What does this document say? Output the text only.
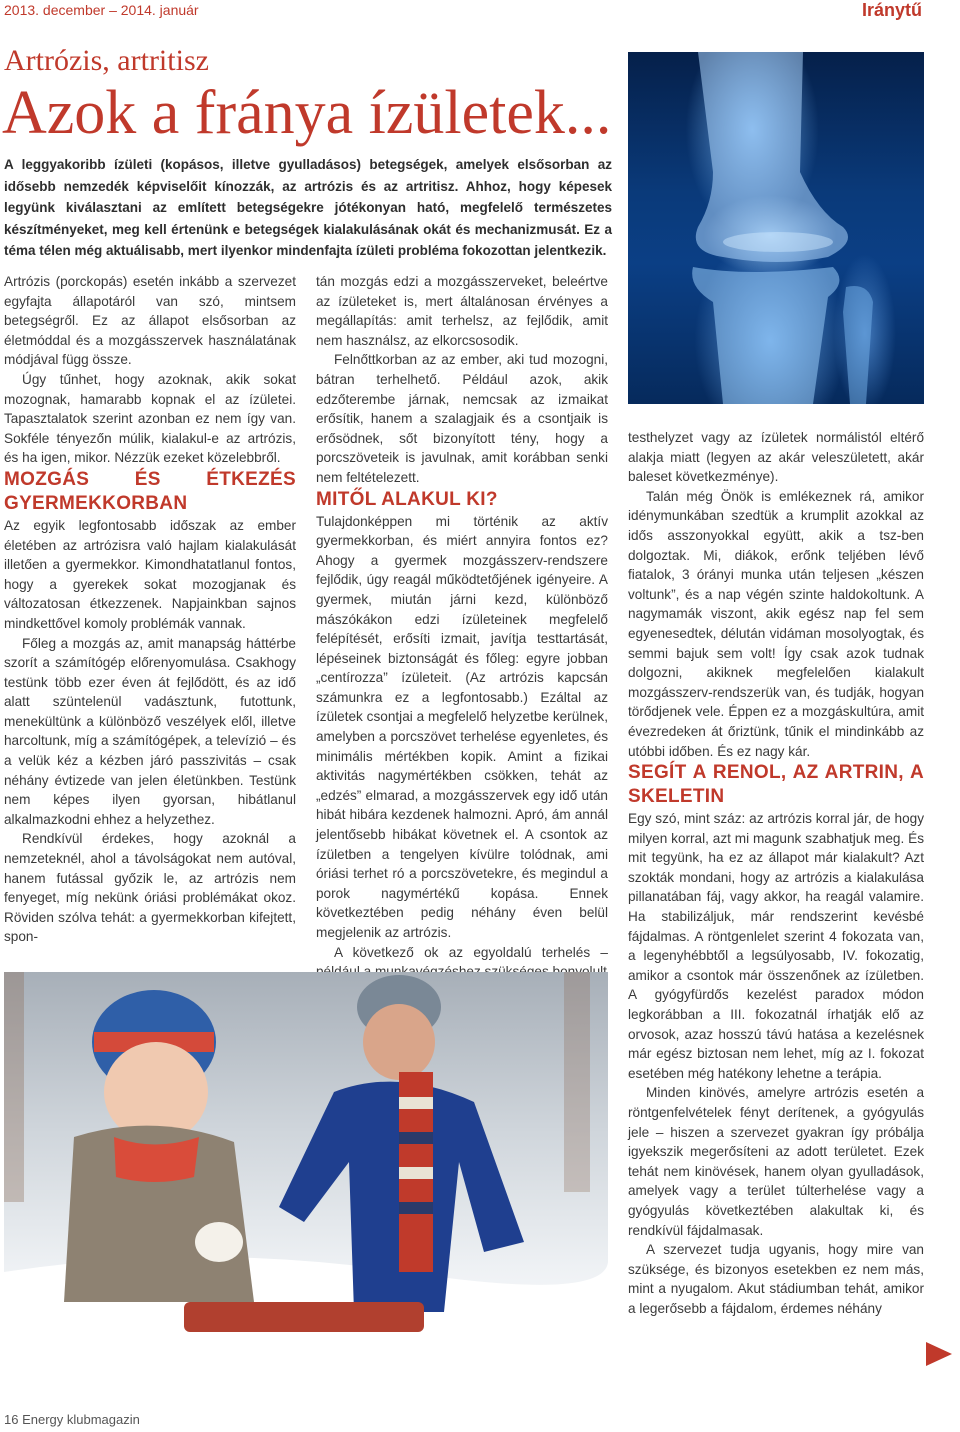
2013. december – 2014. január	Iránytű
Artrózis, artritisz
Azok a fránya ízületek...
A leggyakoribb ízületi (kopásos, illetve gyulladásos) betegségek, amelyek elsősorban az idősebb nemzedék képviselőit kínozzák, az artrózis és az artritisz. Ahhoz, hogy képesek legyünk kiválasztani az említett betegségekre jótékonyan ható, megfelelő természetes készítményeket, meg kell értenünk e betegségek kialakulásának okát és mechanizmusát. Ez a téma télen még aktuálisabb, mert ilyenkor mindenfajta ízületi probléma fokozottan jelentkezik.

Artrózis (porckopás) esetén inkább a szervezet egyfajta állapotáról van szó, mintsem betegségről. Ez az állapot elsősorban az életmóddal és a mozgásszervek használatának módjával függ össze.

Úgy tűnhet, hogy azoknak, akik sokat mozognak, hamarabb kopnak el az ízületei. Tapasztalatok szerint azonban ez nem így van. Sokféle tényezőn múlik, kialakul-e az artrózis, és ha igen, mikor. Nézzük ezeket közelebbről.

MOZGÁS ÉS ÉTKEZÉS GYERMEKKORBAN

Az egyik legfontosabb időszak az ember életében az artrózisra való hajlam kialakulását illetően a gyermekkor. Kimondhatatlanul fontos, hogy a gyerekek sokat mozogjanak és változatosan étkezzenek. Napjainkban sajnos mindkettővel komoly problémák vannak.

Főleg a mozgás az, amit manapság háttérbe szorít a számítógép előrenyomulása. Csakhogy testünk több ezer éven át fejlődött, és az idő alatt szüntelenül vadásztunk, futottunk, menekültünk a különböző veszélyek elől, illetve harcoltunk, míg a számítógépek, a televízió – és a velük kéz a kézben járó passzivitás – csak néhány évtizede van jelen életünkben. Testünk nem képes ilyen gyorsan, hibátlanul alkalmazkodni ehhez a helyzethez.

Rendkívül érdekes, hogy azoknál a nemzeteknél, ahol a távolságokat nem autóval, hanem futással győzik le, az artrózis nem fenyeget, míg nekünk óriási problémákat okoz. Röviden szólva tehát: a gyermekkorban kifejtett, spon-

tán mozgás edzi a mozgásszerveket, beleértve az ízületeket is, mert általánosan érvényes a megállapítás: amit terhelsz, az fejlődik, amit nem használsz, az elkorcsosodik.

Felnőttkorban az az ember, aki tud mozogni, bátran terhelhető. Például azok, akik edzőterembe járnak, nemcsak az izmaikat erősítik, hanem a szalagjaik és a csontjaik is erősödnek, sőt bizonyított tény, hogy a porcszöveteik is javulnak, amit korábban senki nem feltételezett.

MITŐL ALAKUL KI?

Tulajdonképpen mi történik az aktív gyermekkorban, és miért annyira fontos ez? Ahogy a gyermek mozgásszerv-rendszere fejlődik, úgy reagál működtetőjének igényeire. A gyermek, miután járni kezd, különböző mászókákon edzi ízületeinek megfelelő felépítését, erősíti izmait, javítja testtartását, lépéseinek biztonságát és főleg: egyre jobban „centírozza” ízületeit. (Az artrózis kapcsán számunkra ez a legfontosabb.) Ezáltal az ízületek csontjai a megfelelő helyzetbe kerülnek, amelyben a porcszövet terhelése egyenletes, és minimális mértékben kopik. Amint a fizikai aktivitás nagymértékben csökken, tehát az „edzés” elmarad, a mozgásszervek egy idő után hibát hibára kezdenek halmozni. Apró, ám annál jelentősebb hibákat követnek el. A csontok az ízületben a tengelyen kívülre tolódnak, ami óriási terhet ró a porcszövetekre, és megindul a porok nagymértékű kopása. Ennek következtében pedig néhány éven belül megjelenik az artrózis.

A következő ok az egyoldalú terhelés –

testhelyzet vagy az ízületek normálistól eltérő alakja miatt (legyen az akár veleszületett, akár baleset következménye).

Talán még Önök is emlékeznek rá, amikor idénymunkában szedtük a krumplit azokkal az idős asszonyokkal együtt, akik a tsz-ben dolgoztak. Mi, diákok, erőnk teljében lévő fiatalok, 3 órányi munka után teljesen „készen voltunk”, és a nap végén szinte haldokoltunk. A nagymamák viszont, akik egész nap fel sem egyenesedtek, délután vidáman mosolyogtak, és semmi bajuk sem volt! Így csak azok tudnak dolgozni, akiknek megfelelően kialakult mozgásszerv-rendszerük van, és tudják, hogyan törődjenek vele. Éppen ez a mozgáskultúra, amit évezredeken át őriztünk, tűnik el mindinkább az utóbbi időben. És ez nagy kár.

SEGÍT A RENOL, AZ ARTRIN, A SKELETIN

Egy szó, mint száz: az artrózis korral jár, de hogy milyen korral, azt mi magunk szabhatjuk meg. És mit tegyünk, ha ez az állapot már kialakult? Azt szokták mondani, hogy az artrózis a kialakulása pillanatában fáj, vagy akkor, ha reagál valamire. Ha stabilizáljuk, már rendszerint kevésbé fájdalmas. A röntgenlelet szerint 4 fokozata van, a legenyhébbtől a legsúlyosabb, IV. fokozatig, amikor a csontok már összenőnek az ízületben. A gyógyfürdős kezelést paradox módon legkorábban a III. fokozatnál írhatják elő az orvosok, azaz hosszú távú hatása a kezelésnek már egész biztosan nem lehet, míg az I. fokozat esetében még hatékony lehetne a terápia.

Minden kinövés, amelyre artrózis esetén a röntgenfelvételek fényt derítenek, a gyógyulás jele – hiszen a szervezet gyakran így próbálja igyekszik megerősíteni az adott területet. Ezek tehát nem kinövések, hanem olyan gyulladások, amelyek vagy a terület túlterhelése vagy a gyógyulás következtében alakultak ki, és rendkívül fájdalmasak.

A szervezet tudja ugyanis, hogy mire van szüksége, és bizonyos esetekben ez nem más, mint a nyugalom. Akut stádiumban tehát, amikor a legerősebb a fájdalom, érdemes néhány

16 Energy klubmagazin
